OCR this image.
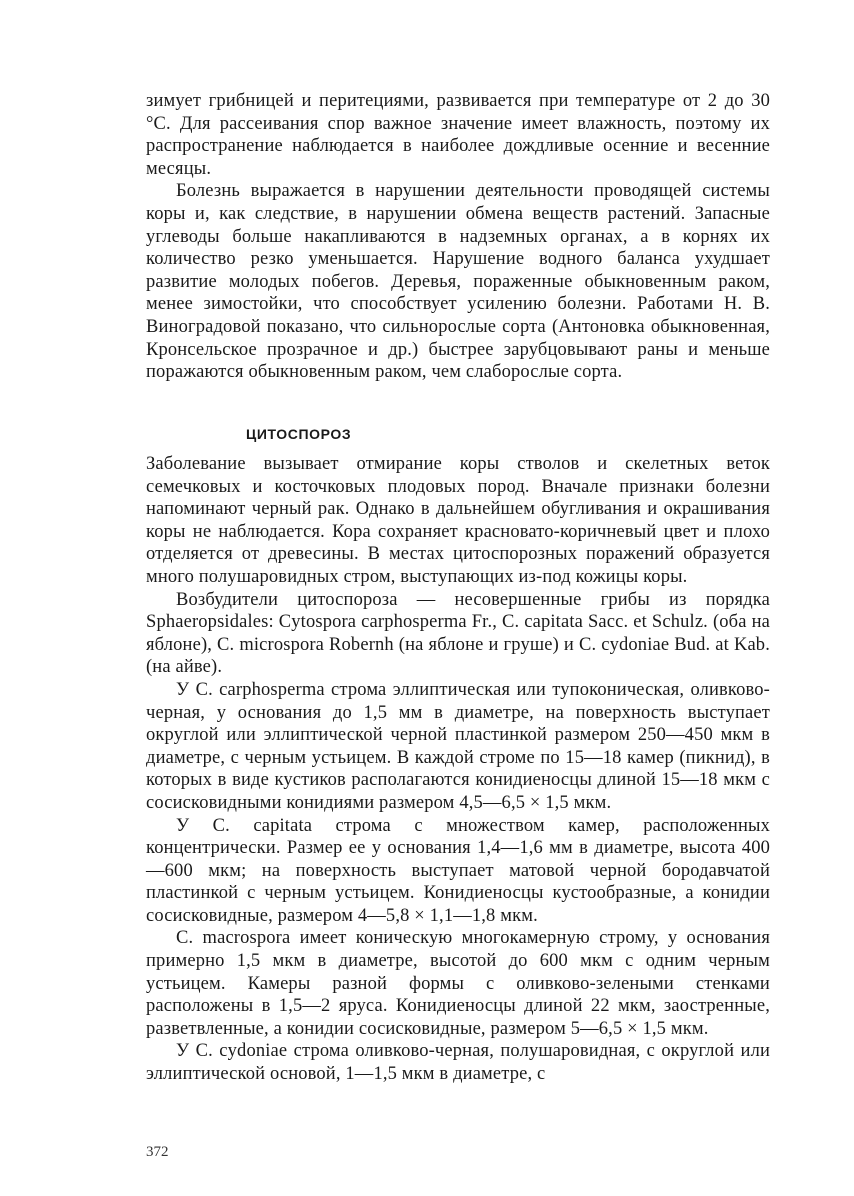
зимует грибницей и перитециями, развивается при температуре от 2 до 30 °С. Для рассеивания спор важное значение имеет влажность, поэтому их распространение наблюдается в наиболее дождливые осенние и весенние месяцы.

Болезнь выражается в нарушении деятельности проводящей системы коры и, как следствие, в нарушении обмена веществ растений. Запасные углеводы больше накапливаются в надземных органах, а в корнях их количество резко уменьшается. Нарушение водного баланса ухудшает развитие молодых побегов. Деревья, пораженные обыкновенным раком, менее зимостойки, что способствует усилению болезни. Работами Н. В. Виноградовой показано, что сильнорослые сорта (Антоновка обыкновенная, Кронсельское прозрачное и др.) быстрее зарубцовывают раны и меньше поражаются обыкновенным раком, чем слаборослые сорта.

ЦИТОСПОРОЗ

Заболевание вызывает отмирание коры стволов и скелетных веток семечковых и косточковых плодовых пород. Вначале признаки болезни напоминают черный рак. Однако в дальнейшем обугливания и окрашивания коры не наблюдается. Кора сохраняет красновато-коричневый цвет и плохо отделяется от древесины. В местах цитоспорозных поражений образуется много полушаровидных стром, выступающих из-под кожицы коры.

Возбудители цитоспороза — несовершенные грибы из порядка Sphaeropsidales: Cytospora carphosperma Fr., C. capitata Sacc. et Schulz. (оба на яблоне), C. microspora Robernh (на яблоне и груше) и C. cydoniae Bud. at Kab. (на айве).

У C. carphosperma строма эллиптическая или тупоконическая, оливково-черная, у основания до 1,5 мм в диаметре, на поверхность выступает округлой или эллиптической черной пластинкой размером 250—450 мкм в диаметре, с черным устьицем. В каждой строме по 15—18 камер (пикнид), в которых в виде кустиков располагаются конидиеносцы длиной 15—18 мкм с сосисковидными конидиями размером 4,5—6,5 × 1,5 мкм.

У C. capitata строма с множеством камер, расположенных концентрически. Размер ее у основания 1,4—1,6 мм в диаметре, высота 400—600 мкм; на поверхность выступает матовой черной бородавчатой пластинкой с черным устьицем. Конидиеносцы кустообразные, а конидии сосисковидные, размером 4—5,8 × 1,1—1,8 мкм.

C. macrospora имеет коническую многокамерную строму, у основания примерно 1,5 мкм в диаметре, высотой до 600 мкм с одним черным устьицем. Камеры разной формы с оливково-зелеными стенками расположены в 1,5—2 яруса. Конидиеносцы длиной 22 мкм, заостренные, разветвленные, а конидии сосисковидные, размером 5—6,5 × 1,5 мкм.

У C. cydoniae строма оливково-черная, полушаровидная, с округлой или эллиптической основой, 1—1,5 мкм в диаметре, с

372
